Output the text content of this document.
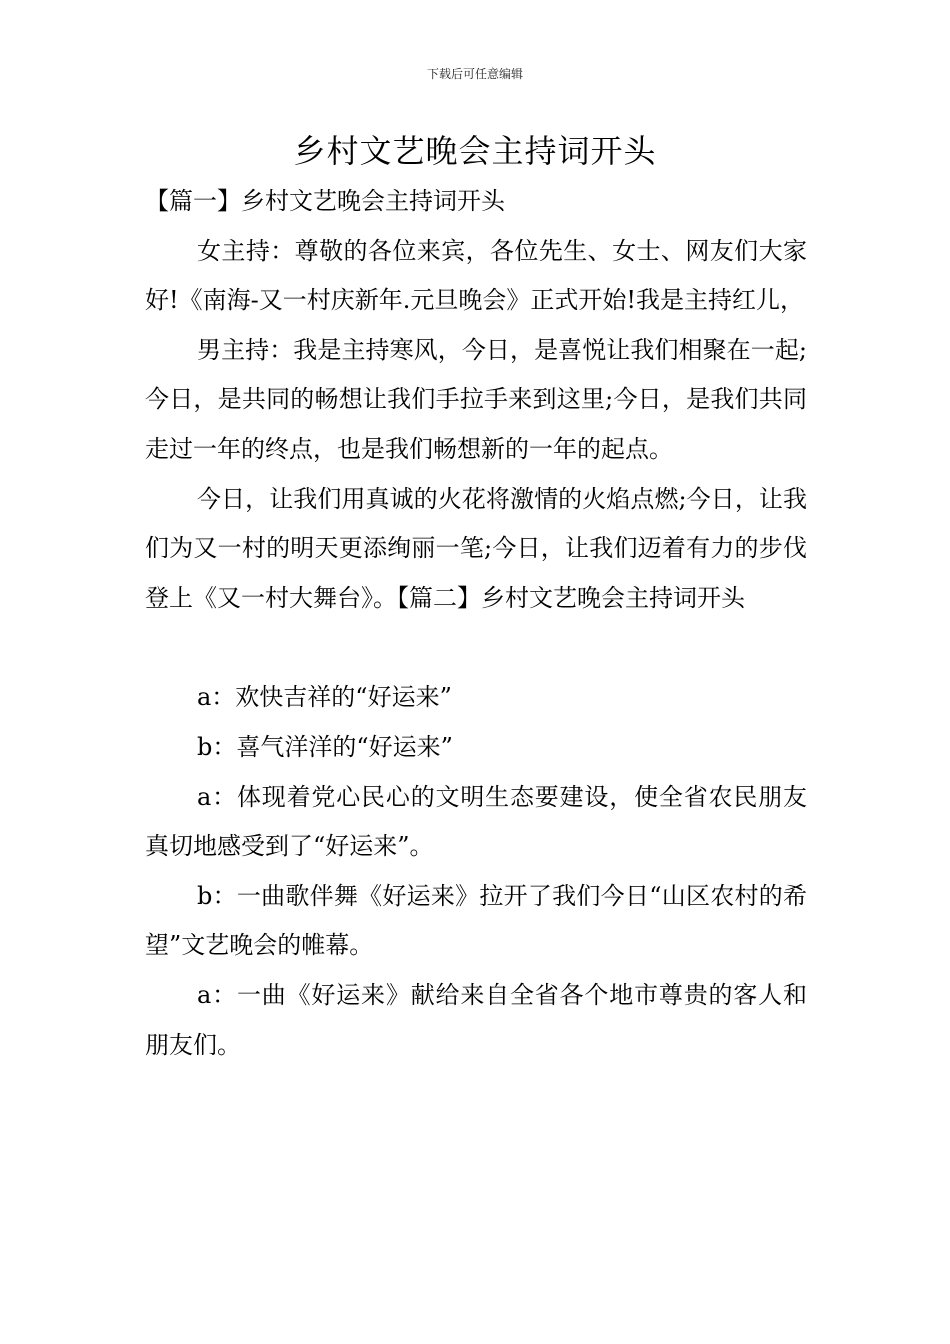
下载后可任意编辑
乡村文艺晚会主持词开头

【篇一】乡村文艺晚会主持词开头

女主持：尊敬的各位来宾，各位先生、女士、网友们大家好!《南海-又一村庆新年.元旦晚会》正式开始!我是主持红儿，

男主持：我是主持寒风，今日，是喜悦让我们相聚在一起;今日，是共同的畅想让我们手拉手来到这里;今日，是我们共同走过一年的终点，也是我们畅想新的一年的起点。

今日，让我们用真诚的火花将激情的火焰点燃;今日，让我们为又一村的明天更添绚丽一笔;今日，让我们迈着有力的步伐登上《又一村大舞台》。【篇二】乡村文艺晚会主持词开头

a：欢快吉祥的“好运来”

b：喜气洋洋的“好运来”

a：体现着党心民心的文明生态要建设，使全省农民朋友真切地感受到了“好运来”。

b：一曲歌伴舞《好运来》拉开了我们今日“山区农村的希望”文艺晚会的帷幕。

a：一曲《好运来》献给来自全省各个地市尊贵的客人和朋友们。
